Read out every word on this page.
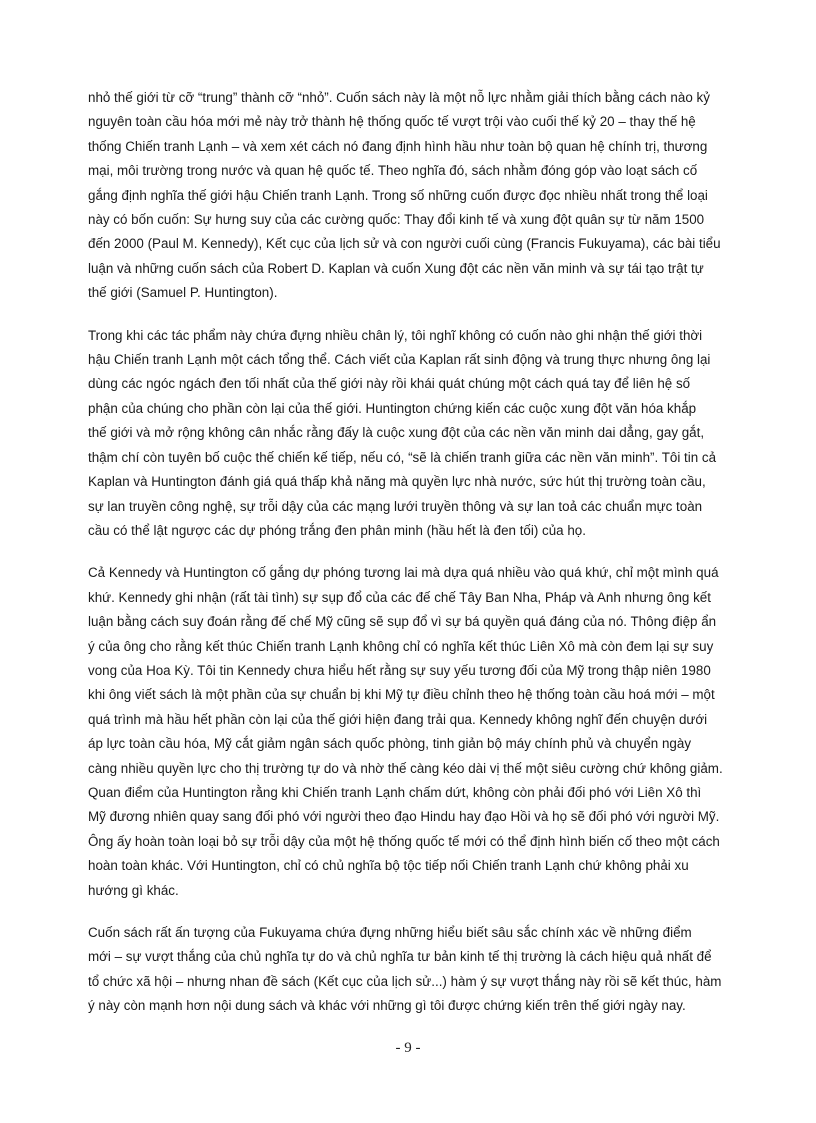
nhỏ thế giới từ cỡ “trung” thành cỡ “nhỏ”. Cuốn sách này là một nỗ lực nhằm giải thích bằng cách nào kỷ
nguyên toàn cầu hóa mới mẻ này trở thành hệ thống quốc tế vượt trội vào cuối thế kỷ 20 – thay thế hệ
thống Chiến tranh Lạnh – và xem xét cách nó đang định hình hầu như toàn bộ quan hệ chính trị, thương
mại, môi trường trong nước và quan hệ quốc tế. Theo nghĩa đó, sách nhằm đóng góp vào loạt sách cố
gắng định nghĩa thế giới hậu Chiến tranh Lạnh. Trong số những cuốn được đọc nhiều nhất trong thể loại
này có bốn cuốn: Sự hưng suy của các cường quốc: Thay đổi kinh tế và xung đột quân sự từ năm 1500
đến 2000 (Paul M. Kennedy), Kết cục của lịch sử và con người cuối cùng (Francis Fukuyama), các bài tiểu
luận và những cuốn sách của Robert D. Kaplan và cuốn Xung đột các nền văn minh và sự tái tạo trật tự
thế giới (Samuel P. Huntington).

Trong khi các tác phẩm này chứa đựng nhiều chân lý, tôi nghĩ không có cuốn nào ghi nhận thế giới thời
hậu Chiến tranh Lạnh một cách tổng thể. Cách viết của Kaplan rất sinh động và trung thực nhưng ông lại
dùng các ngóc ngách đen tối nhất của thế giới này rồi khái quát chúng một cách quá tay để liên hệ số
phận của chúng cho phần còn lại của thế giới. Huntington chứng kiến các cuộc xung đột văn hóa khắp
thế giới và mở rộng không cân nhắc rằng đấy là cuộc xung đột của các nền văn minh dai dẳng, gay gắt,
thậm chí còn tuyên bố cuộc thế chiến kế tiếp, nếu có, “sẽ là chiến tranh giữa các nền văn minh”. Tôi tin cả
Kaplan và Huntington đánh giá quá thấp khả năng mà quyền lực nhà nước, sức hút thị trường toàn cầu,
sự lan truyền công nghệ, sự trỗi dậy của các mạng lưới truyền thông và sự lan toả các chuẩn mực toàn
cầu có thể lật ngược các dự phóng trắng đen phân minh (hầu hết là đen tối) của họ.

Cả Kennedy và Huntington cố gắng dự phóng tương lai mà dựa quá nhiều vào quá khứ, chỉ một mình quá
khứ. Kennedy ghi nhận (rất tài tình) sự sụp đổ của các đế chế Tây Ban Nha, Pháp và Anh nhưng ông kết
luận bằng cách suy đoán rằng đế chế Mỹ cũng sẽ sụp đổ vì sự bá quyền quá đáng của nó. Thông điệp ẩn
ý của ông cho rằng kết thúc Chiến tranh Lạnh không chỉ có nghĩa kết thúc Liên Xô mà còn đem lại sự suy
vong của Hoa Kỳ. Tôi tin Kennedy chưa hiểu hết rằng sự suy yếu tương đối của Mỹ trong thập niên 1980
khi ông viết sách là một phần của sự chuẩn bị khi Mỹ tự điều chỉnh theo hệ thống toàn cầu hoá mới – một
quá trình mà hầu hết phần còn lại của thế giới hiện đang trải qua. Kennedy không nghĩ đến chuyện dưới
áp lực toàn cầu hóa, Mỹ cắt giảm ngân sách quốc phòng, tinh giản bộ máy chính phủ và chuyển ngày
càng nhiều quyền lực cho thị trường tự do và nhờ thế càng kéo dài vị thế một siêu cường chứ không giảm.
Quan điểm của Huntington rằng khi Chiến tranh Lạnh chấm dứt, không còn phải đối phó với Liên Xô thì
Mỹ đương nhiên quay sang đối phó với người theo đạo Hindu hay đạo Hồi và họ sẽ đối phó với người Mỹ.
Ông ấy hoàn toàn loại bỏ sự trỗi dậy của một hệ thống quốc tế mới có thể định hình biến cố theo một cách
hoàn toàn khác. Với Huntington, chỉ có chủ nghĩa bộ tộc tiếp nối Chiến tranh Lạnh chứ không phải xu
hướng gì khác.

Cuốn sách rất ấn tượng của Fukuyama chứa đựng những hiểu biết sâu sắc chính xác về những điểm
mới – sự vượt thắng của chủ nghĩa tự do và chủ nghĩa tư bản kinh tế thị trường là cách hiệu quả nhất để
tổ chức xã hội – nhưng nhan đề sách (Kết cục của lịch sử...) hàm ý sự vượt thắng này rồi sẽ kết thúc, hàm
ý này còn mạnh hơn nội dung sách và khác với những gì tôi được chứng kiến trên thế giới ngày nay.

- 9 -
